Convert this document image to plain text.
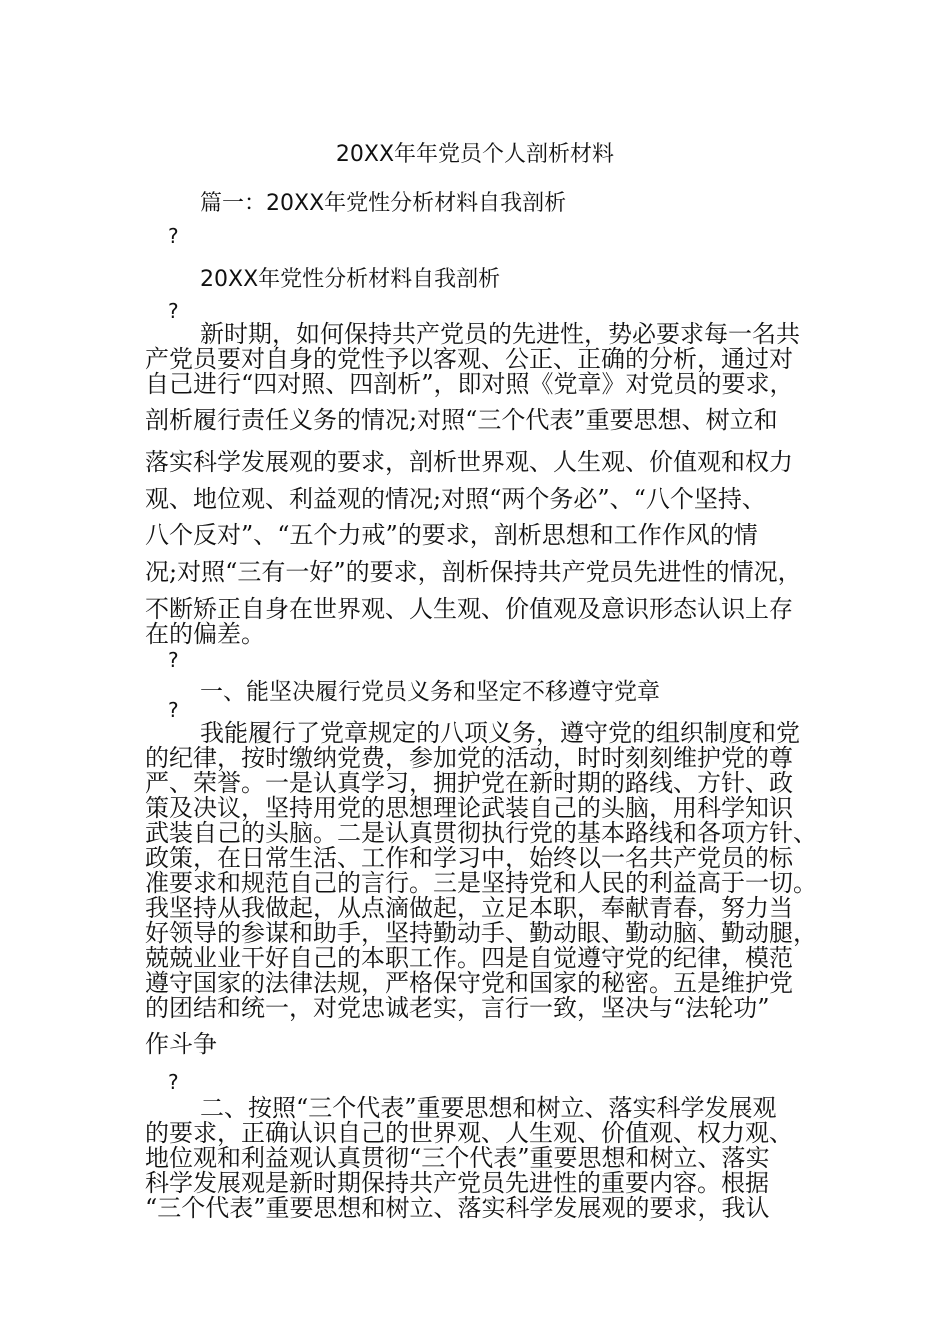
20XX年年党员个人剖析材料
篇一：20XX年党性分析材料自我剖析
?
20XX年党性分析材料自我剖析
?
新时期，如何保持共产党员的先进性，势必要求每一名共
产党员要对自身的党性予以客观、公正、正确的分析，通过对
自己进行“四对照、四剖析”，即对照《党章》对党员的要求，
剖析履行责任义务的情况;对照“三个代表”重要思想、树立和
落实科学发展观的要求，剖析世界观、人生观、价值观和权力
观、地位观、利益观的情况;对照“两个务必”、“八个坚持、
八个反对”、“五个力戒”的要求，剖析思想和工作作风的情
况;对照“三有一好”的要求，剖析保持共产党员先进性的情况，
不断矫正自身在世界观、人生观、价值观及意识形态认识上存
在的偏差。
?
一、能坚决履行党员义务和坚定不移遵守党章
?
我能履行了党章规定的八项义务，遵守党的组织制度和党
的纪律，按时缴纳党费，参加党的活动，时时刻刻维护党的尊
严、荣誉。一是认真学习，拥护党在新时期的路线、方针、政
策及决议，坚持用党的思想理论武装自己的头脑，用科学知识
武装自己的头脑。二是认真贯彻执行党的基本路线和各项方针、
政策，在日常生活、工作和学习中，始终以一名共产党员的标
准要求和规范自己的言行。三是坚持党和人民的利益高于一切。
我坚持从我做起，从点滴做起，立足本职，奉献青春，努力当
好领导的参谋和助手，坚持勤动手、勤动眼、勤动脑、勤动腿，
兢兢业业干好自己的本职工作。四是自觉遵守党的纪律，模范
遵守国家的法律法规，严格保守党和国家的秘密。五是维护党
的团结和统一，对党忠诚老实，言行一致，坚决与“法轮功”
作斗争
?
二、按照“三个代表”重要思想和树立、落实科学发展观
的要求，正确认识自己的世界观、人生观、价值观、权力观、
地位观和利益观认真贯彻“三个代表”重要思想和树立、落实
科学发展观是新时期保持共产党员先进性的重要内容。根据
“三个代表”重要思想和树立、落实科学发展观的要求，我认
